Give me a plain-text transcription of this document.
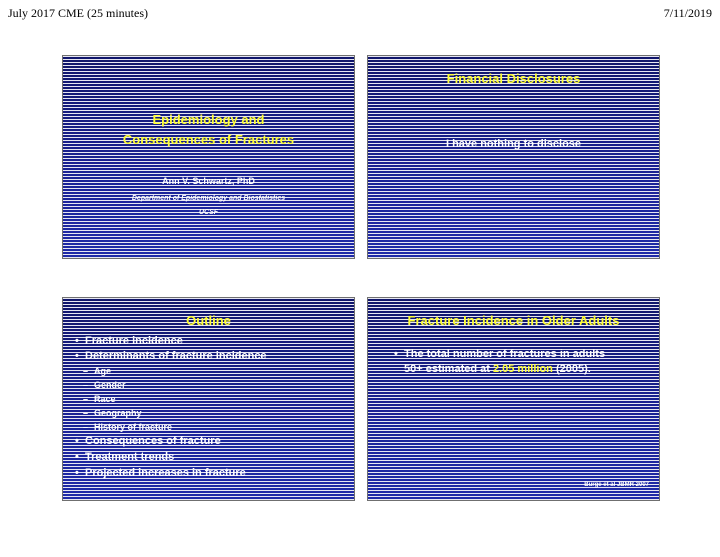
July 2017 CME (25 minutes)	7/11/2019
Epidemiology and
Consequences of Fractures
Ann V. Schwartz, PhD
Department of Epidemiology and Biostatistics
UCSF
Financial Disclosures
I have nothing to disclose
Outline
• Fracture incidence
• Determinants of fracture incidence
– Age
– Gender
– Race
– Geography
– History of fracture
• Consequences of fracture
• Treatment trends
• Projected increases in fracture
Fracture Incidence in Older Adults
• The total number of fractures in adults
50+ estimated at 2.05 million (2005).
Burge et al JBMR 2007
